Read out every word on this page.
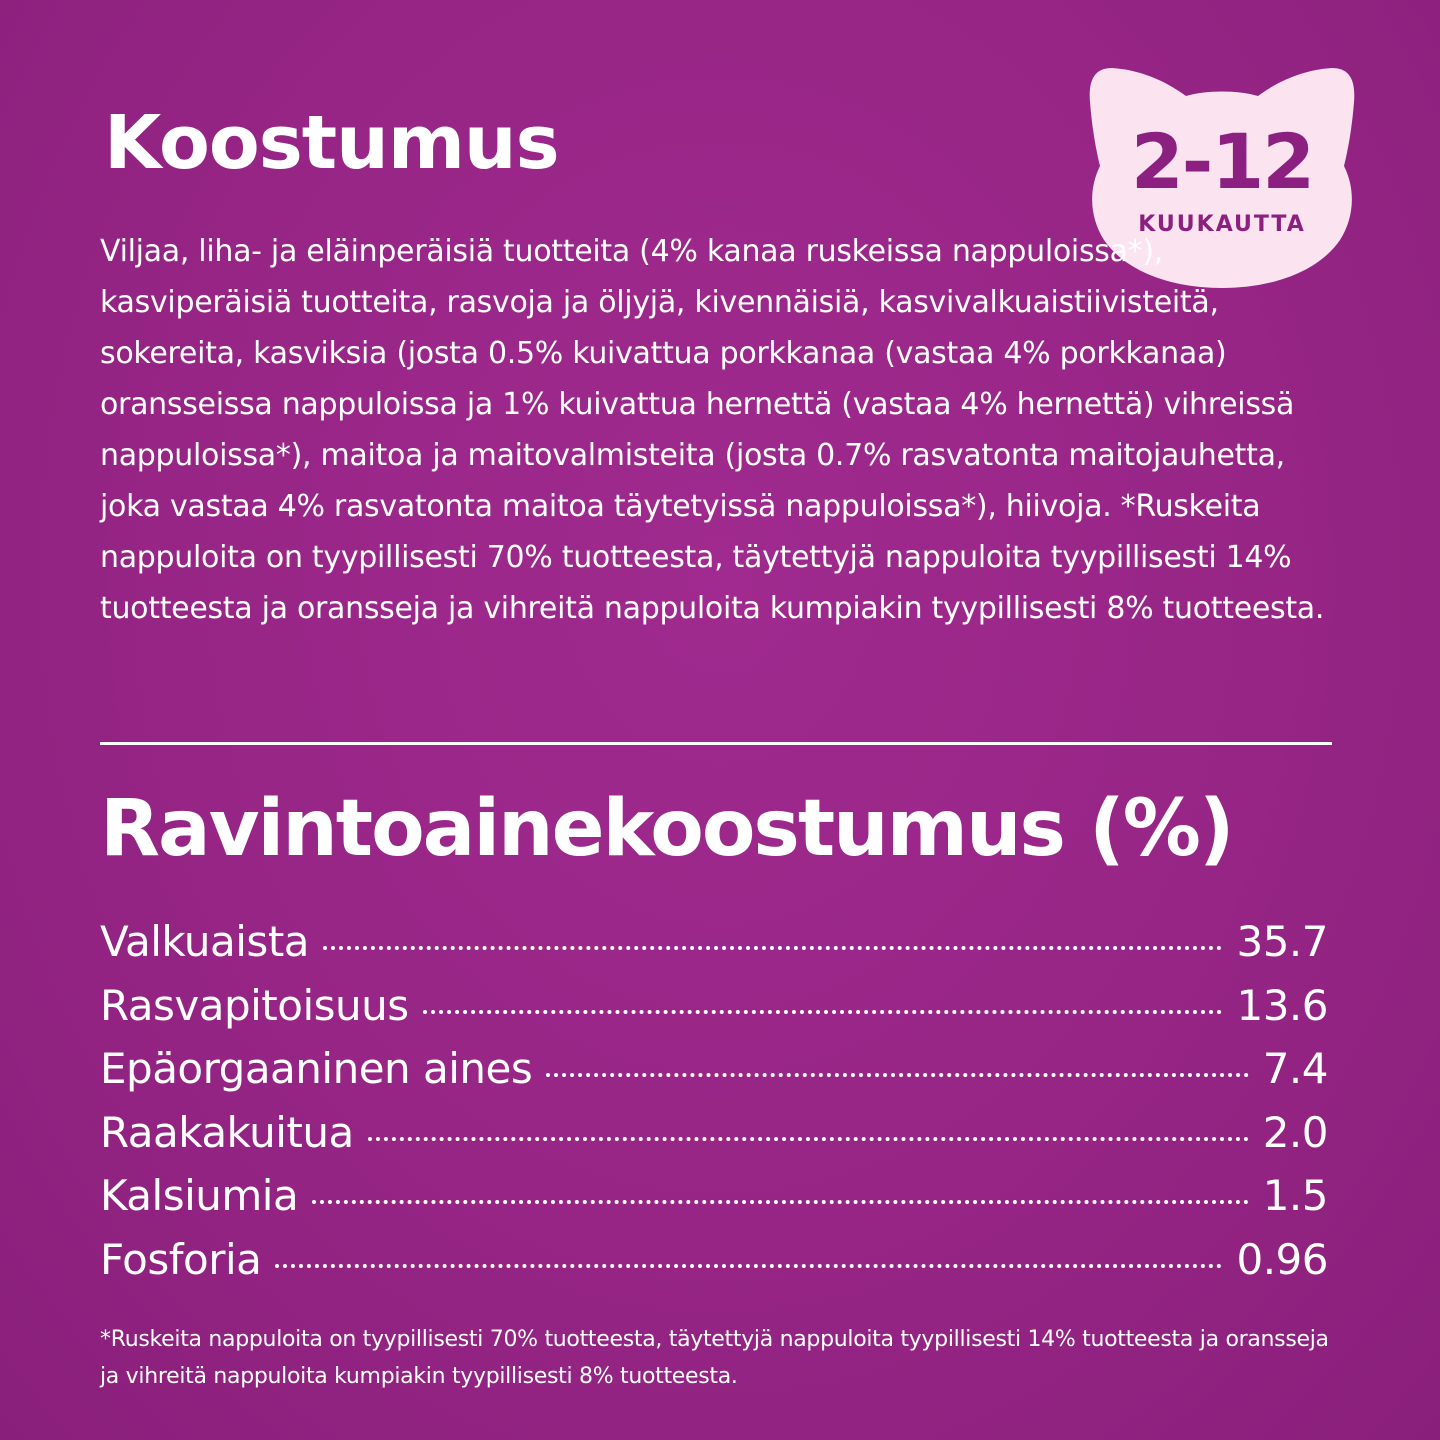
Koostumus	2-12
KUUKAUTTA

Viljaa, liha- ja eläinperäisiä tuotteita (4% kanaa ruskeissa nappuloissa*), kasviperäisiä tuotteita, rasvoja ja öljyjä, kivennäisiä, kasvivalkuaistiivisteitä, sokereita, kasviksia (josta 0.5% kuivattua porkkanaa (vastaa 4% porkkanaa) oransseissa nappuloissa ja 1% kuivattua hernettä (vastaa 4% hernettä) vihreissä nappuloissa*), maitoa ja maitovalmisteita (josta 0.7% rasvatonta maitojauhetta, joka vastaa 4% rasvatonta maitoa täytetyissä nappuloissa*), hiivoja. *Ruskeita nappuloita on tyypillisesti 70% tuotteesta, täytettyjä nappuloita tyypillisesti 14% tuotteesta ja oransseja ja vihreitä nappuloita kumpiakin tyypillisesti 8% tuotteesta.

Ravintoainekoostumus (%)
Valkuaista	35.7
Rasvapitoisuus	13.6
Epäorgaaninen aines	7.4
Raakakuitua	2.0
Kalsiumia	1.5
Fosforia	0.96

*Ruskeita nappuloita on tyypillisesti 70% tuotteesta, täytettyjä nappuloita tyypillisesti 14% tuotteesta ja oransseja ja vihreitä nappuloita kumpiakin tyypillisesti 8% tuotteesta.
